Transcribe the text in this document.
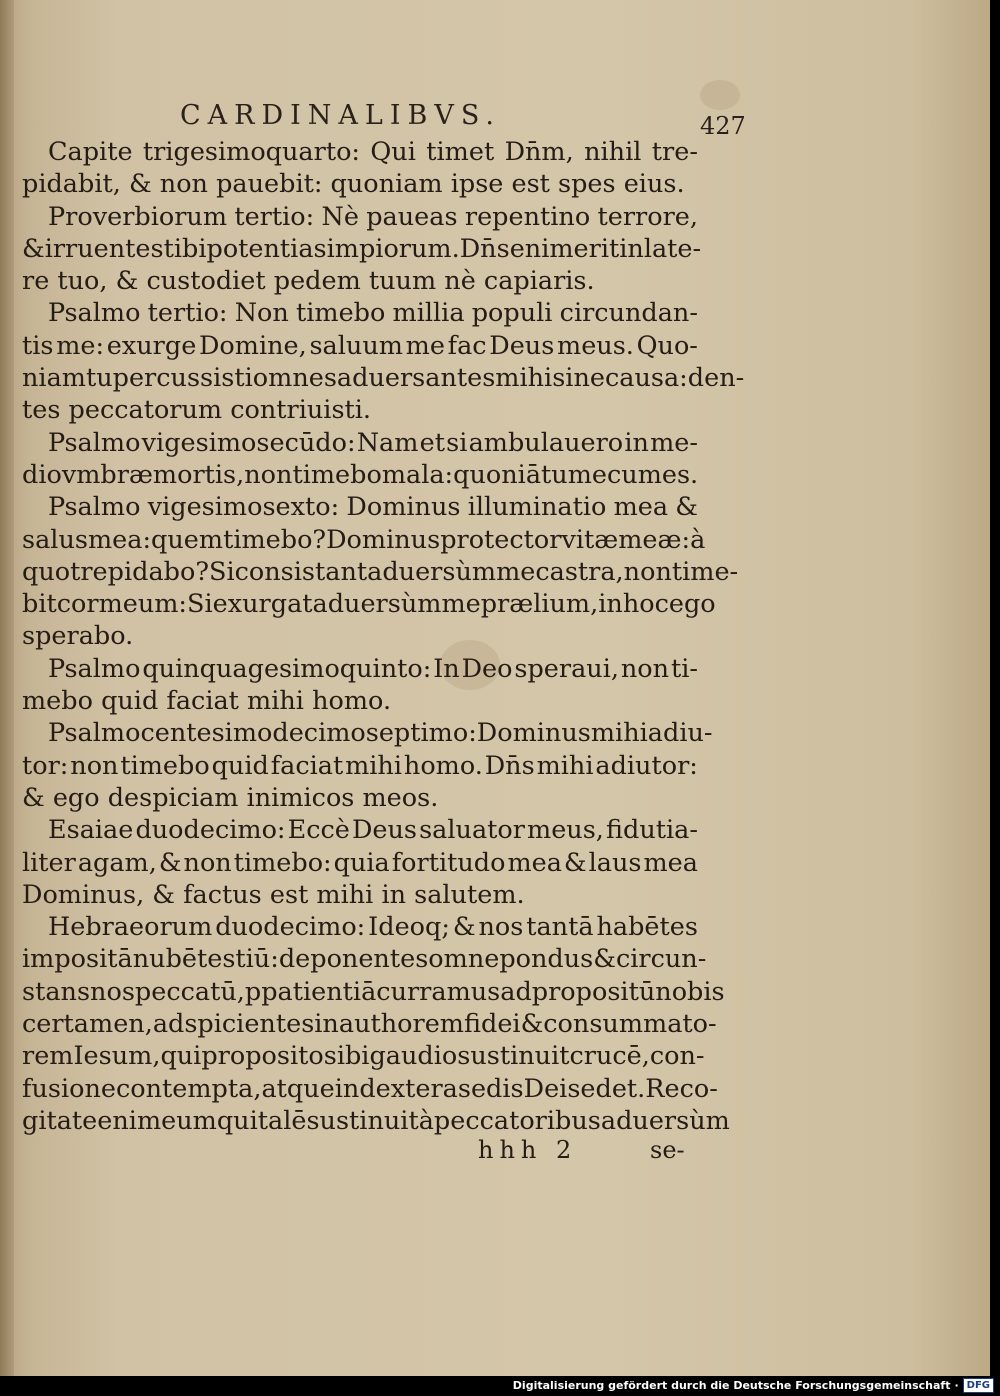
CARDINALIBVS.	427
Capite trigesimoquarto: Qui timet Dn̄m, nihil tre-
pidabit, & non pauebit: quoniam ipse est spes eius.
Proverbiorum tertio: Nè paueas repentino terrore,
& irruentes tibi potentias impiorum. Dn̄s enim erit in late-
re tuo, & custodiet pedem tuum nè capiaris.
Psalmo tertio: Non timebo millia populi circundan-
tis me: exurge Domine, saluum me fac Deus meus. Quo-
niam tu percussisti omnes aduersantes mihi sine causa: den-
tes peccatorum contriuisti.
Psalmo vigesimosecūdo: Nam et si ambulauero in me-
dio vmbræ mortis, non timebo mala: quoniā tu mecum es.
Psalmo vigesimosexto: Dominus illuminatio mea &
salus mea: quem timebo? Dominus protector vitæ meæ: à
quo trepidabo? Si consistant aduersùm me castra, non time-
bit cor meum: Si exurgat aduersùm me prælium, in hoc ego
sperabo.
Psalmo quinquagesimoquinto: In Deo speraui, non ti-
mebo quid faciat mihi homo.
Psalmo centesimo decimoseptimo: Dominus mihi adiu-
tor: non timebo quid faciat mihi homo. Dn̄s mihi adiutor:
& ego despiciam inimicos meos.
Esaiae duodecimo: Eccè Deus saluator meus, fidutia-
liter agam, & non timebo: quia fortitudo mea & laus mea
Dominus, & factus est mihi in salutem.
Hebraeorum duodecimo: Ideoq; & nos tantā habētes
impositā nubē testiū: deponentes omne pondus & circun-
stans nos peccatū, p patientiā curramus ad propositū nobis
certamen, adspicientes in authorem fidei & consummato-
rem Iesum, qui proposito sibi gaudio sustinuit crucē, con-
fusione contempta, atque in dextera sedis Dei sedet. Reco-
gitate enim eum qui talē sustinuit à peccatoribus aduersùm
hhh 2	se-
Digitalisierung gefördert durch die Deutsche Forschungsgemeinschaft · DFG
